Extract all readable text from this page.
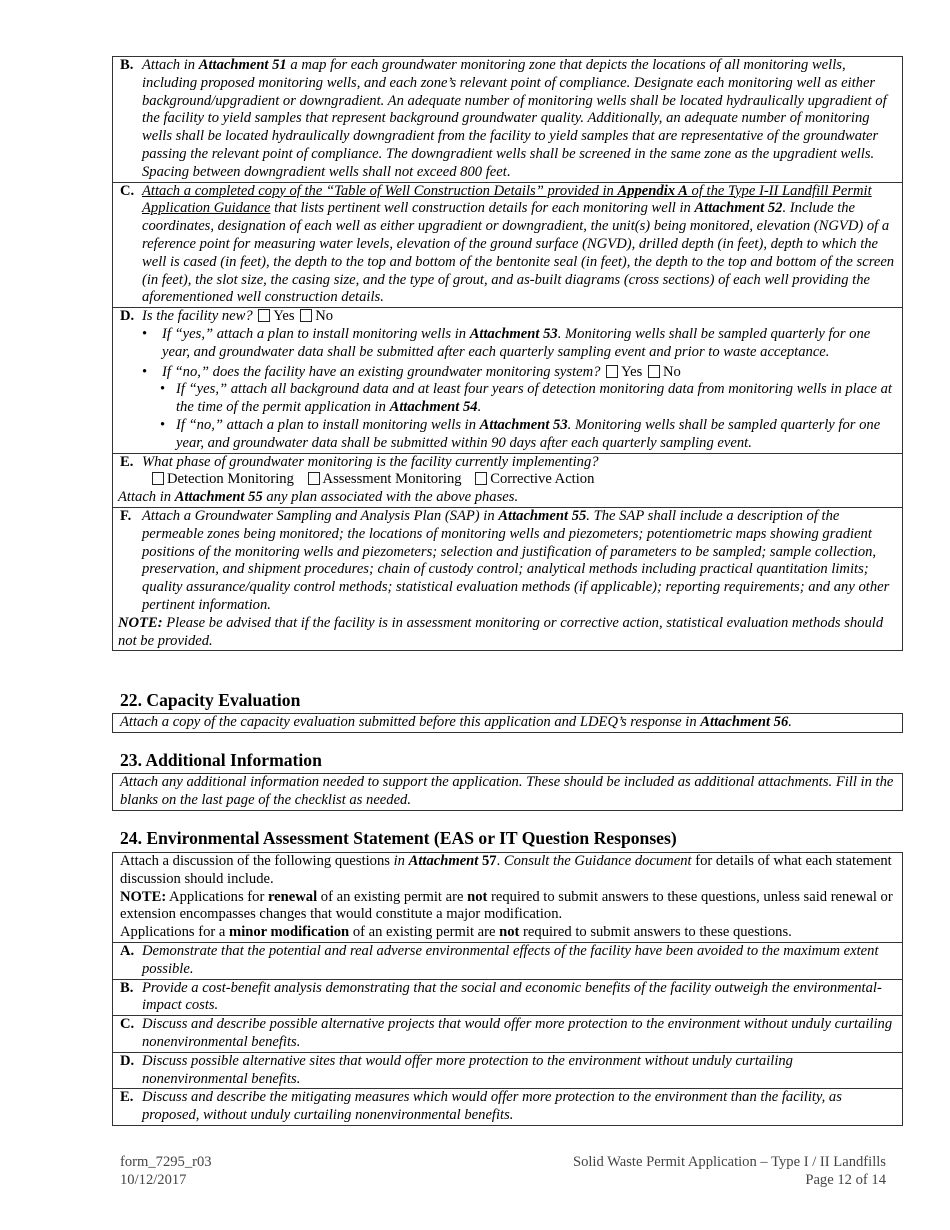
B. Attach in Attachment 51 a map for each groundwater monitoring zone that depicts the locations of all monitoring wells, including proposed monitoring wells, and each zone’s relevant point of compliance. Designate each monitoring well as either background/upgradient or downgradient. An adequate number of monitoring wells shall be located hydraulically upgradient of the facility to yield samples that represent background groundwater quality. Additionally, an adequate number of monitoring wells shall be located hydraulically downgradient from the facility to yield samples that are representative of the groundwater passing the relevant point of compliance. The downgradient wells shall be screened in the same zone as the upgradient wells. Spacing between downgradient wells shall not exceed 800 feet.
C. Attach a completed copy of the “Table of Well Construction Details” provided in Appendix A of the Type I-II Landfill Permit Application Guidance that lists pertinent well construction details for each monitoring well in Attachment 52. Include the coordinates, designation of each well as either upgradient or downgradient, the unit(s) being monitored, elevation (NGVD) of a reference point for measuring water levels, elevation of the ground surface (NGVD), drilled depth (in feet), depth to which the well is cased (in feet), the depth to the top and bottom of the bentonite seal (in feet), the depth to the top and bottom of the screen (in feet), the slot size, the casing size, and the type of grout, and as-built diagrams (cross sections) of each well providing the aforementioned well construction details.
D. Is the facility new? Yes No
• If “yes,” attach a plan to install monitoring wells in Attachment 53. Monitoring wells shall be sampled quarterly for one year, and groundwater data shall be submitted after each quarterly sampling event and prior to waste acceptance.
• If “no,” does the facility have an existing groundwater monitoring system? Yes No
• If “yes,” attach all background data and at least four years of detection monitoring data from monitoring wells in place at the time of the permit application in Attachment 54.
• If “no,” attach a plan to install monitoring wells in Attachment 53. Monitoring wells shall be sampled quarterly for one year, and groundwater data shall be submitted within 90 days after each quarterly sampling event.
E. What phase of groundwater monitoring is the facility currently implementing?
Detection Monitoring Assessment Monitoring Corrective Action
Attach in Attachment 55 any plan associated with the above phases.
F. Attach a Groundwater Sampling and Analysis Plan (SAP) in Attachment 55. The SAP shall include a description of the permeable zones being monitored; the locations of monitoring wells and piezometers; potentiometric maps showing gradient positions of the monitoring wells and piezometers; selection and justification of parameters to be sampled; sample collection, preservation, and shipment procedures; chain of custody control; analytical methods including practical quantitation limits; quality assurance/quality control methods; statistical evaluation methods (if applicable); reporting requirements; and any other pertinent information.
NOTE: Please be advised that if the facility is in assessment monitoring or corrective action, statistical evaluation methods should not be provided.
22. Capacity Evaluation
Attach a copy of the capacity evaluation submitted before this application and LDEQ’s response in Attachment 56.
23. Additional Information
Attach any additional information needed to support the application. These should be included as additional attachments. Fill in the blanks on the last page of the checklist as needed.
24. Environmental Assessment Statement (EAS or IT Question Responses)
Attach a discussion of the following questions in Attachment 57. Consult the Guidance document for details of what each statement discussion should include.
NOTE: Applications for renewal of an existing permit are not required to submit answers to these questions, unless said renewal or extension encompasses changes that would constitute a major modification.
Applications for a minor modification of an existing permit are not required to submit answers to these questions.
A. Demonstrate that the potential and real adverse environmental effects of the facility have been avoided to the maximum extent possible.
B. Provide a cost-benefit analysis demonstrating that the social and economic benefits of the facility outweigh the environmental-impact costs.
C. Discuss and describe possible alternative projects that would offer more protection to the environment without unduly curtailing nonenvironmental benefits.
D. Discuss possible alternative sites that would offer more protection to the environment without unduly curtailing nonenvironmental benefits.
E. Discuss and describe the mitigating measures which would offer more protection to the environment than the facility, as proposed, without unduly curtailing nonenvironmental benefits.
form_7295_r03
10/12/2017
Solid Waste Permit Application – Type I / II Landfills
Page 12 of 14
